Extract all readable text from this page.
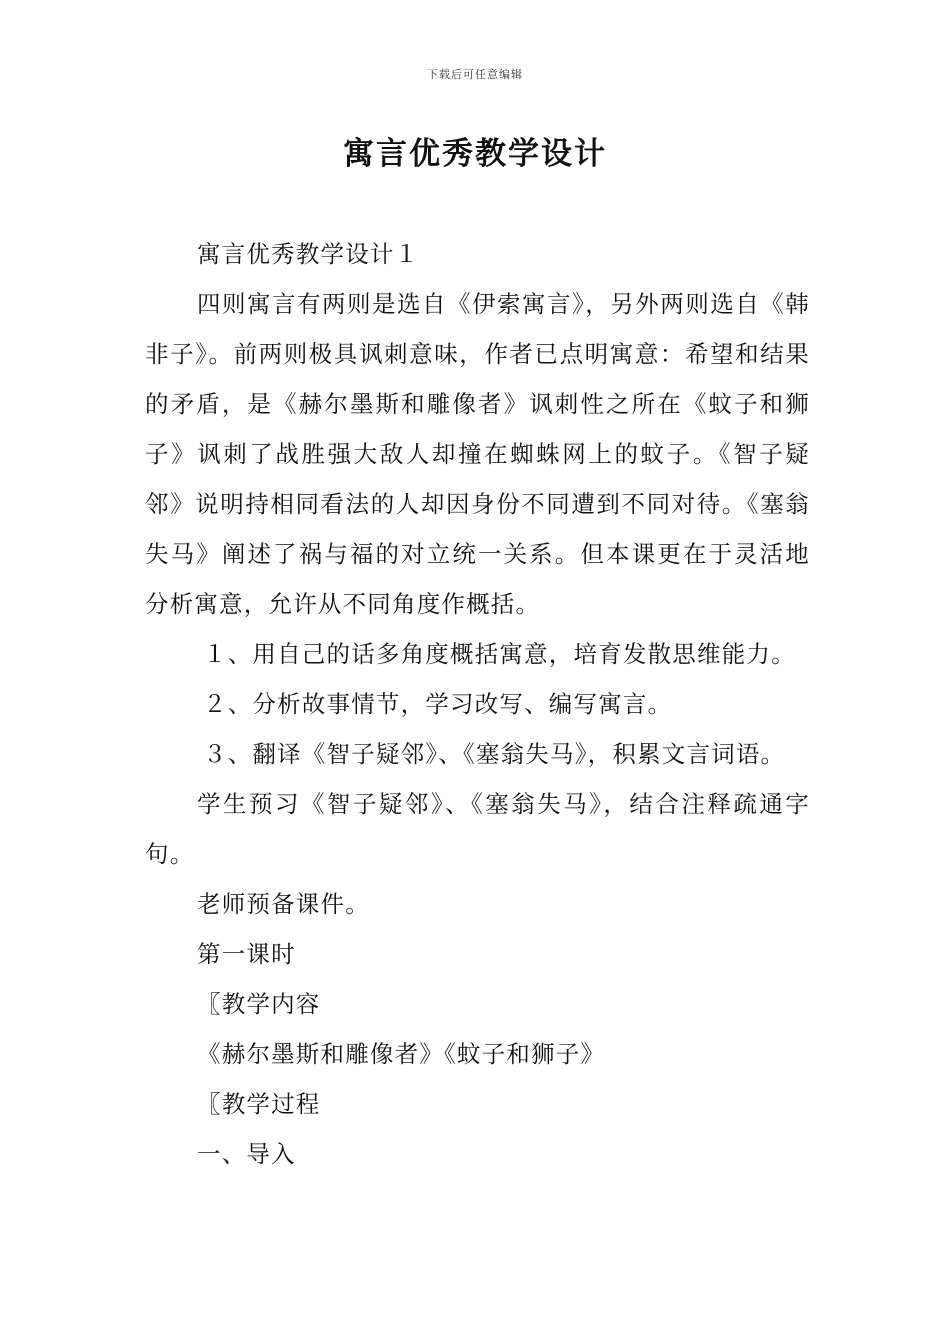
下载后可任意编辑
寓言优秀教学设计

寓言优秀教学设计１

四则寓言有两则是选自《伊索寓言》，另外两则选自《韩非子》。前两则极具讽刺意味，作者已点明寓意：希望和结果的矛盾，是《赫尔墨斯和雕像者》讽刺性之所在《蚊子和狮子》讽刺了战胜强大敌人却撞在蜘蛛网上的蚊子。《智子疑邻》说明持相同看法的人却因身份不同遭到不同对待。《塞翁失马》阐述了祸与福的对立统一关系。但本课更在于灵活地分析寓意，允许从不同角度作概括。

１、用自己的话多角度概括寓意，培育发散思维能力。

２、分析故事情节，学习改写、编写寓言。

３、翻译《智子疑邻》、《塞翁失马》，积累文言词语。

学生预习《智子疑邻》、《塞翁失马》，结合注释疏通字句。

老师预备课件。

第一课时

〖教学内容

《赫尔墨斯和雕像者》《蚊子和狮子》

〖教学过程

一、导入
